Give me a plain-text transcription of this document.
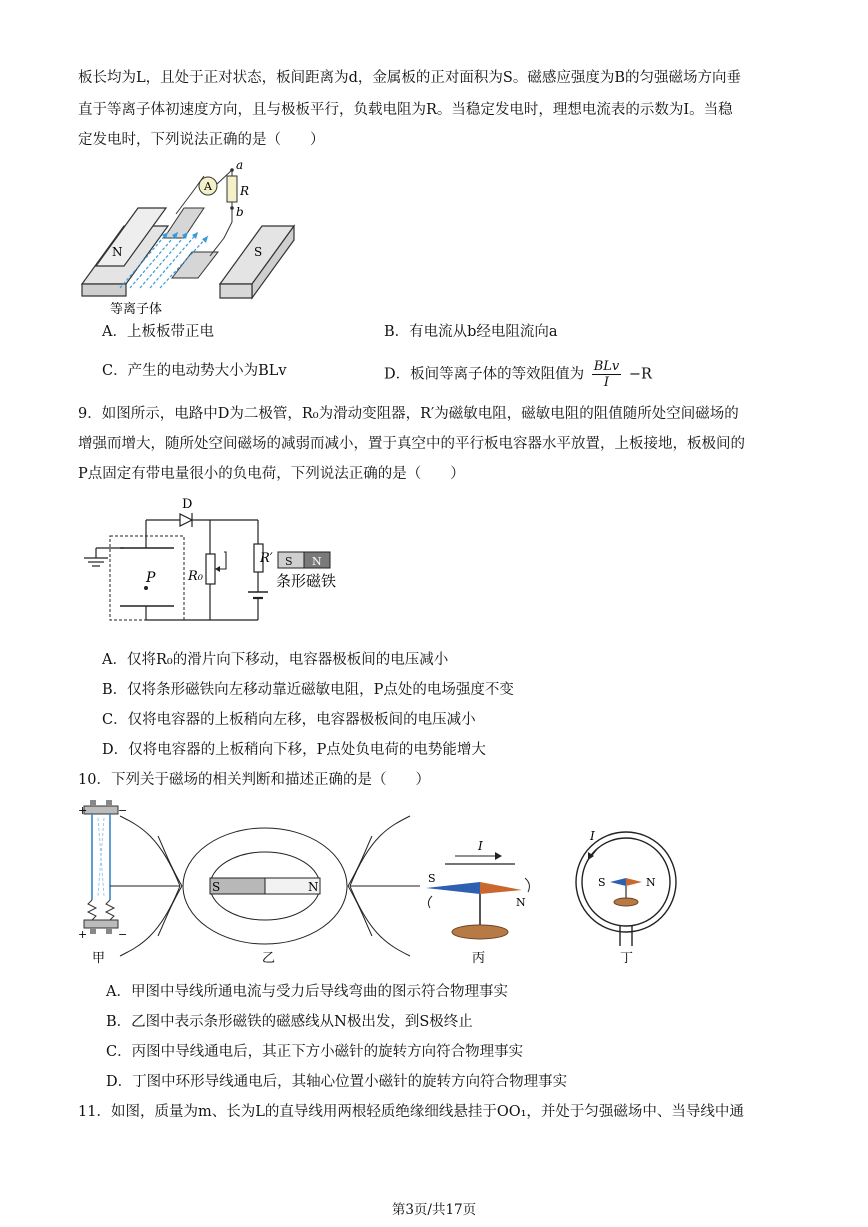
板长均为L，且处于正对状态，板间距离为d，金属板的正对面积为S。磁感应强度为B的匀强磁场方向垂
直于等离子体初速度方向，且与极板平行，负载电阻为R。当稳定发电时，理想电流表的示数为I。当稳
定发电时，下列说法正确的是（　　）
N	S
A R
a
b
等离子体
A．上板板带正电	B．有电流从b经电阻流向a
C．产生的电动势大小为BLv	D．板间等离子体的等效阻值为 BLv
I	−R
9．如图所示，电路中D为二极管，R₀为滑动变阻器，R′为磁敏电阻，磁敏电阻的阻值随所处空间磁场的
增强而增大，随所处空间磁场的减弱而减小，置于真空中的平行板电容器水平放置，上板接地，板极间的
P点固定有带电量很小的负电荷，下列说法正确的是（　　）
P
D
R₀
R′ S N
条形磁铁
A．仅将R₀的滑片向下移动，电容器极板间的电压减小
B．仅将条形磁铁向左移动靠近磁敏电阻，P点处的电场强度不变
C．仅将电容器的上板稍向左移，电容器极板间的电压减小
D．仅将电容器的上板稍向下移，P点处负电荷的电势能增大
10．下列关于磁场的相关判断和描述正确的是（　　）
+	−
+	−
甲
S	N
乙
I
S
N
丙
I
S	N
丁
A．甲图中导线所通电流与受力后导线弯曲的图示符合物理事实
B．乙图中表示条形磁铁的磁感线从N极出发，到S极终止
C．丙图中导线通电后，其正下方小磁针的旋转方向符合物理事实
D．丁图中环形导线通电后，其轴心位置小磁针的旋转方向符合物理事实
11．如图，质量为m、长为L的直导线用两根轻质绝缘细线悬挂于OO₁，并处于匀强磁场中、当导线中通
第3页/共17页
